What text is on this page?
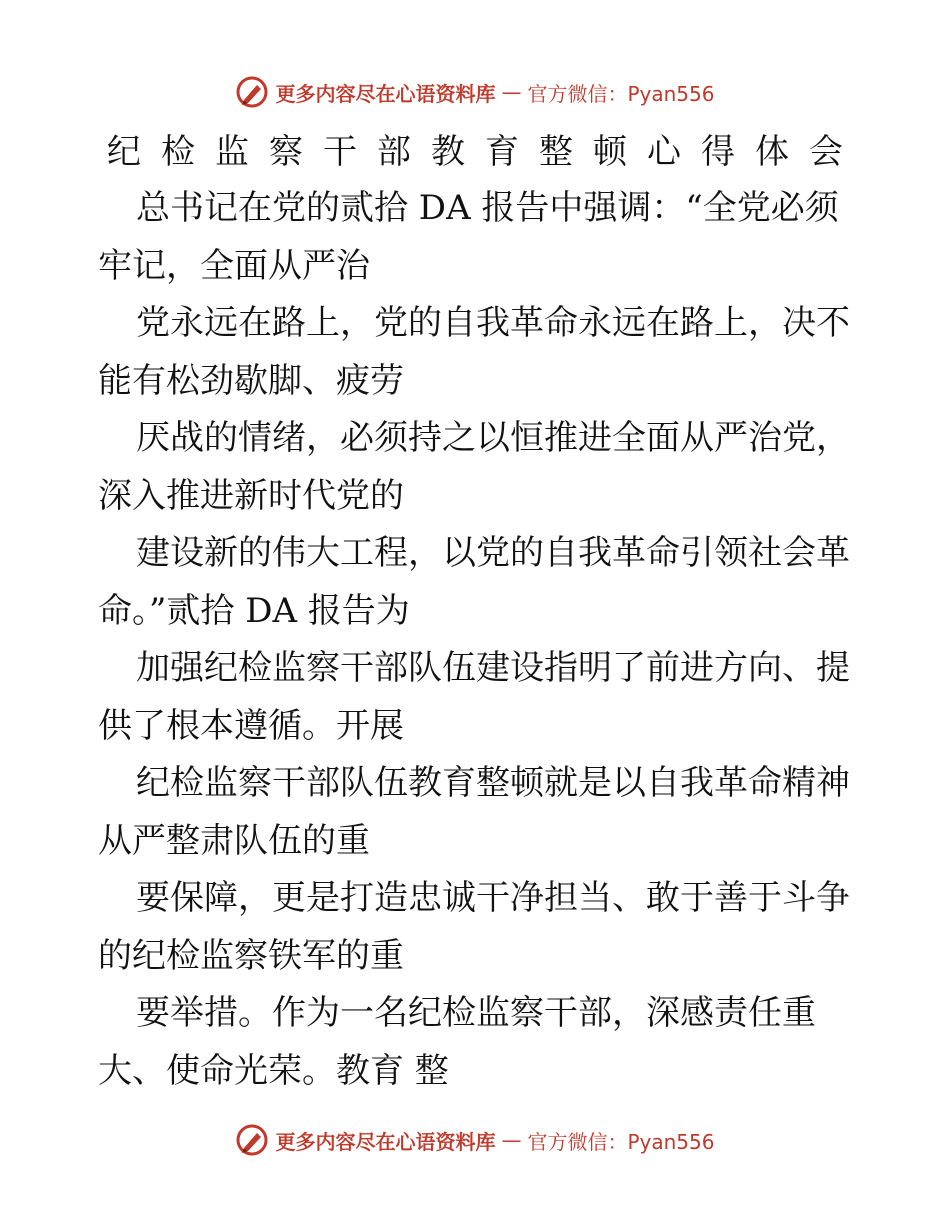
更多内容尽在心语资料库 — 官方微信：Pyan556
纪检监察干部教育整顿心得体会
总书记在党的贰拾 DA 报告中强调：“全党必须
牢记，全面从严治
党永远在路上，党的自我革命永远在路上，决不
能有松劲歇脚、疲劳
厌战的情绪，必须持之以恒推进全面从严治党，
深入推进新时代党的
建设新的伟大工程，以党的自我革命引领社会革
命。”贰拾 DA 报告为
加强纪检监察干部队伍建设指明了前进方向、提
供了根本遵循。开展
纪检监察干部队伍教育整顿就是以自我革命精神
从严整肃队伍的重
要保障，更是打造忠诚干净担当、敢于善于斗争
的纪检监察铁军的重
要举措。作为一名纪检监察干部，深感责任重
大、使命光荣。教育 整
更多内容尽在心语资料库 — 官方微信：Pyan556
